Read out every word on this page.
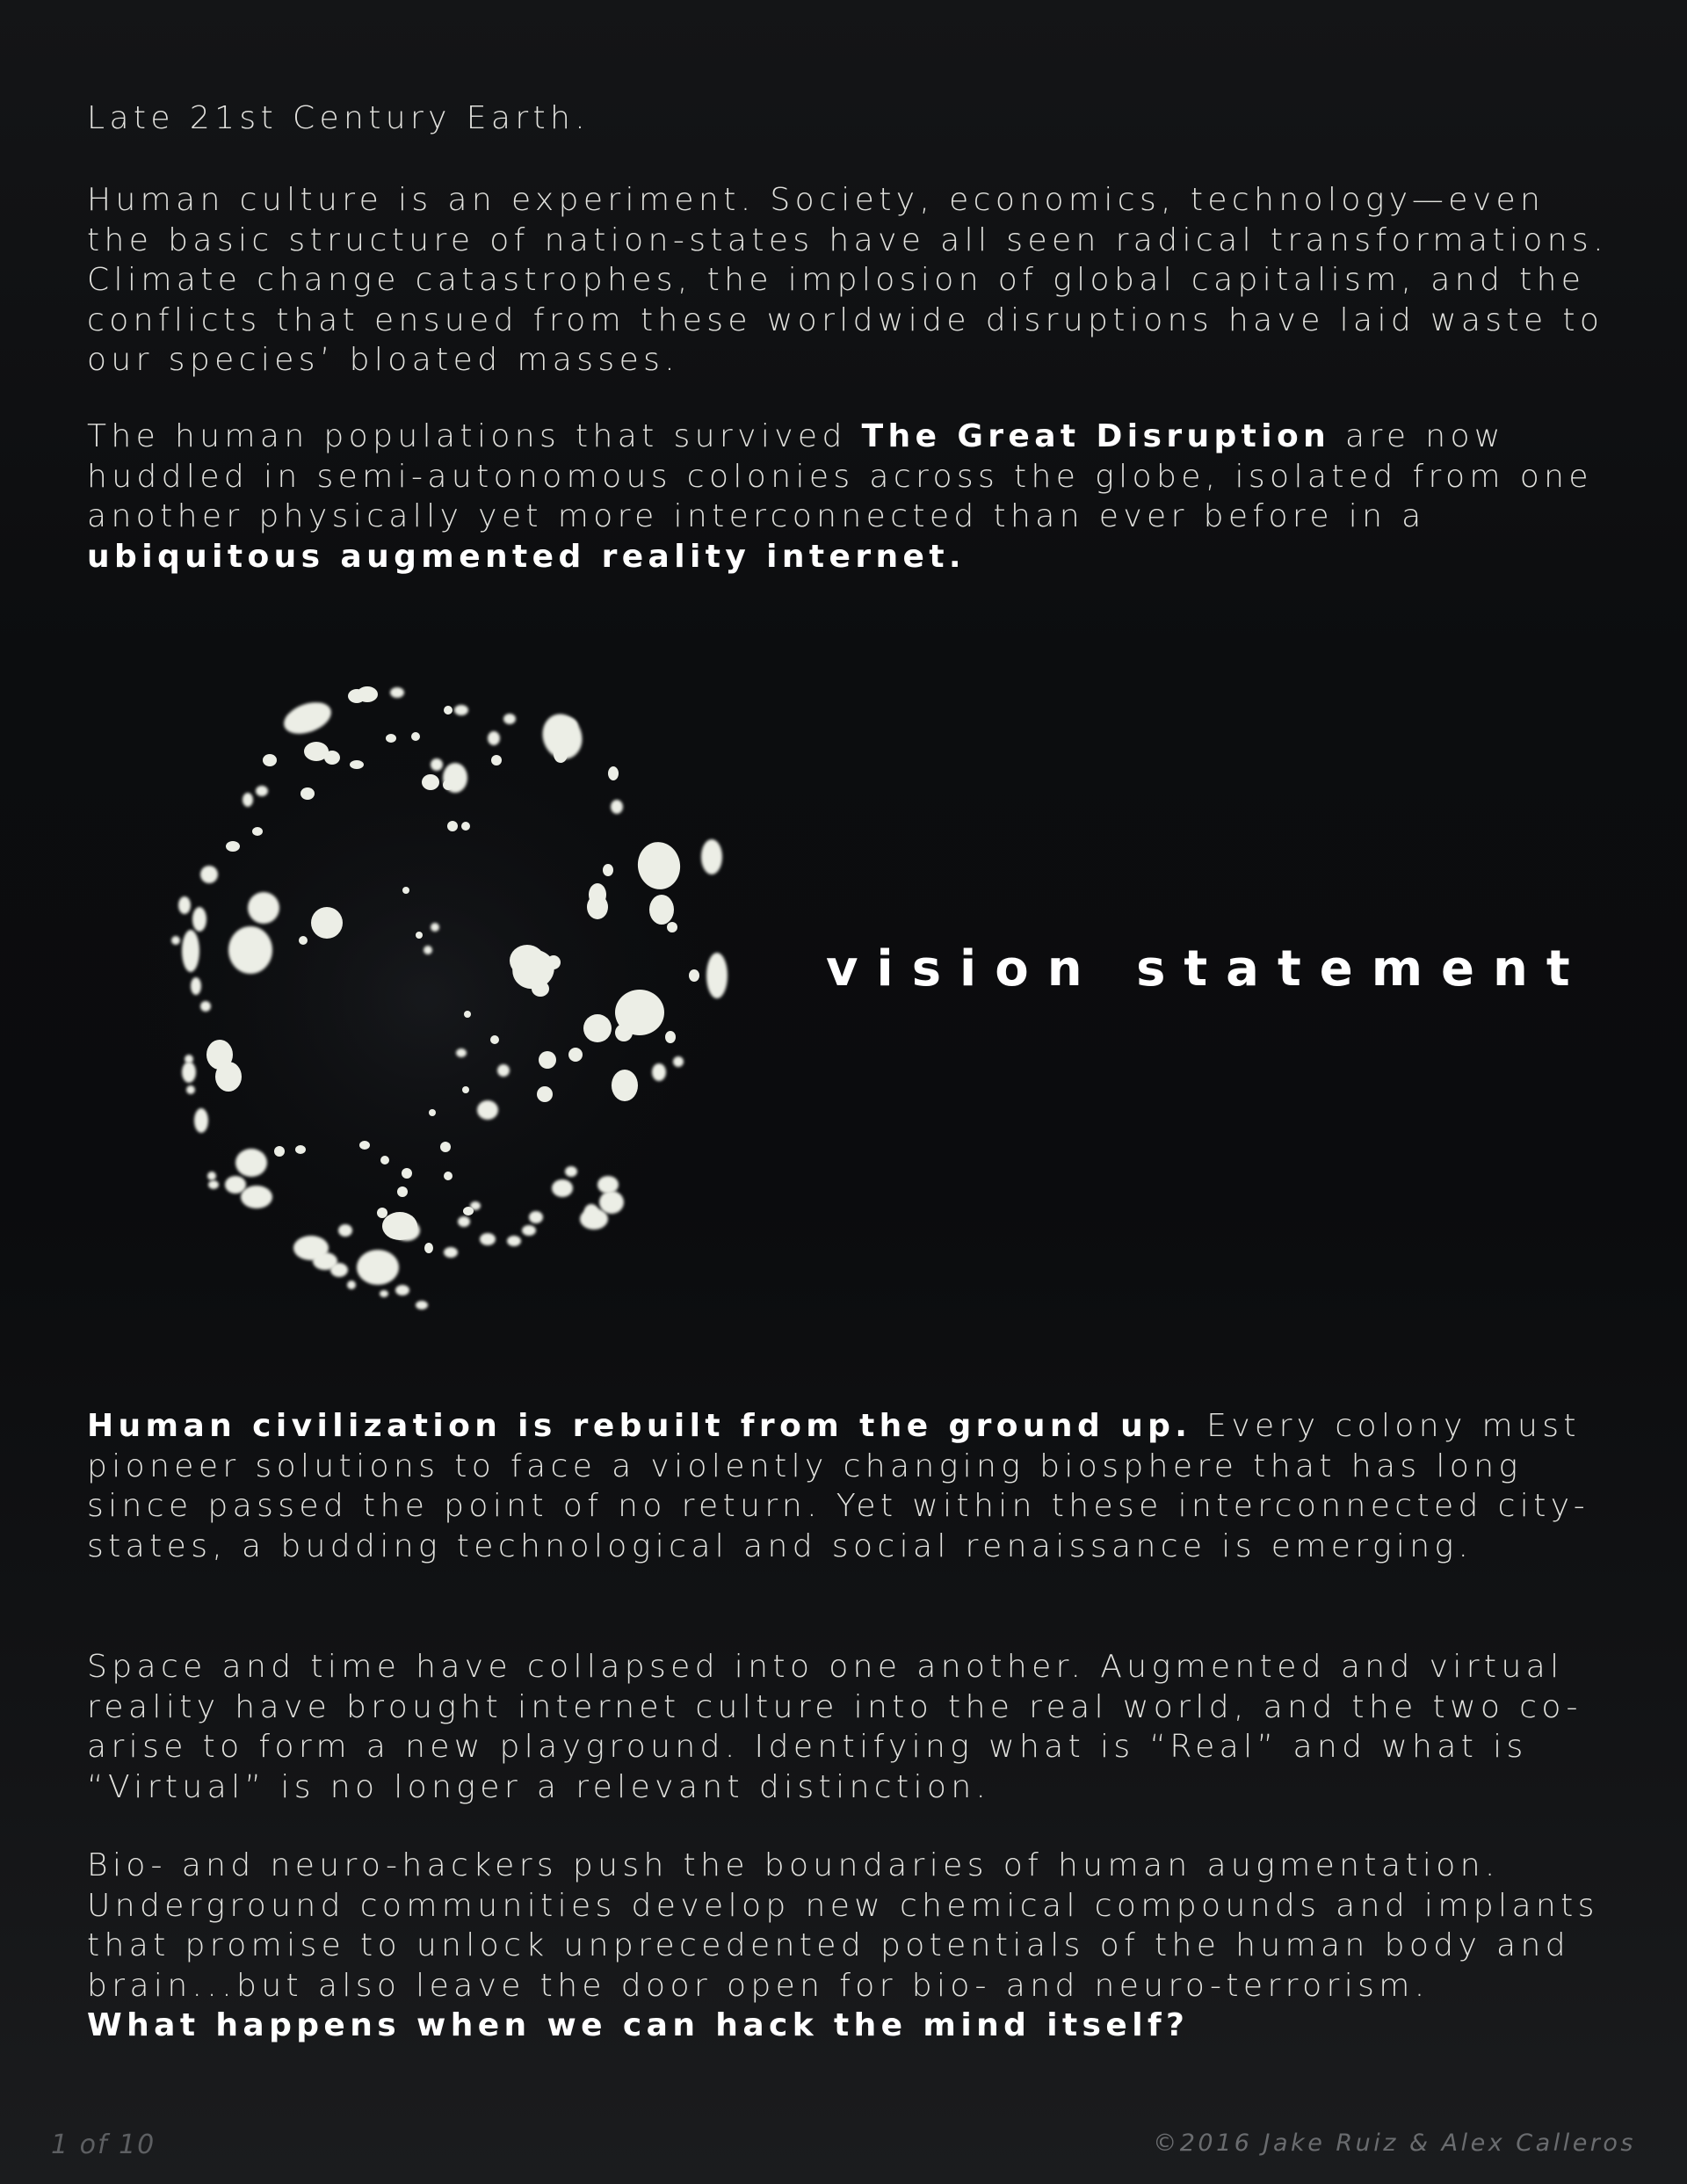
Late 21st Century Earth.

Human culture is an experiment. Society, economics, technology—even the basic structure of nation-states have all seen radical transformations. Climate change catastrophes, the implosion of global capitalism, and the conflicts that ensued from these worldwide disruptions have laid waste to our species’ bloated masses.

The human populations that survived The Great Disruption are now huddled in semi-autonomous colonies across the globe, isolated from one another physically yet more interconnected than ever before in a ubiquitous augmented reality internet.

vision statement

Human civilization is rebuilt from the ground up. Every colony must pioneer solutions to face a violently changing biosphere that has long since passed the point of no return. Yet within these interconnected city-states, a budding technological and social renaissance is emerging.

Space and time have collapsed into one another. Augmented and virtual reality have brought internet culture into the real world, and the two co-arise to form a new playground. Identifying what is “Real” and what is “Virtual” is no longer a relevant distinction.

Bio- and neuro-hackers push the boundaries of human augmentation. Underground communities develop new chemical compounds and implants that promise to unlock unprecedented potentials of the human body and brain...but also leave the door open for bio- and neuro-terrorism.
What happens when we can hack the mind itself?
1 of 10	©2016 Jake Ruiz & Alex Calleros
